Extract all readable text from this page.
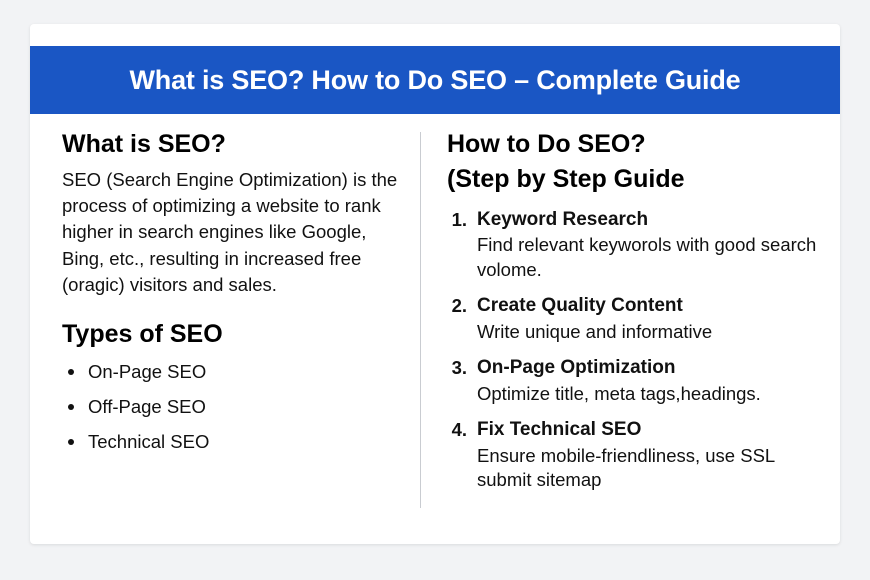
What is SEO? How to Do SEO – Complete Guide
What is SEO?

SEO (Search Engine Optimization) is the process of optimizing a website to rank higher in search engines like Google, Bing, etc., resulting in increased free (oragic) visitors and sales.

Types of SEO
On-Page SEO
Off-Page SEO
Technical SEO
How to Do SEO?
(Step by Step Guide
1. Keyword Research
Find relevant keyworols with good search volome.
2. Create Quality Content
Write unique and informative
3. On-Page Optimization
Optimize title, meta tags,headings.
4. Fix Technical SEO
Ensure mobile-friendliness, use SSL submit sitemap
